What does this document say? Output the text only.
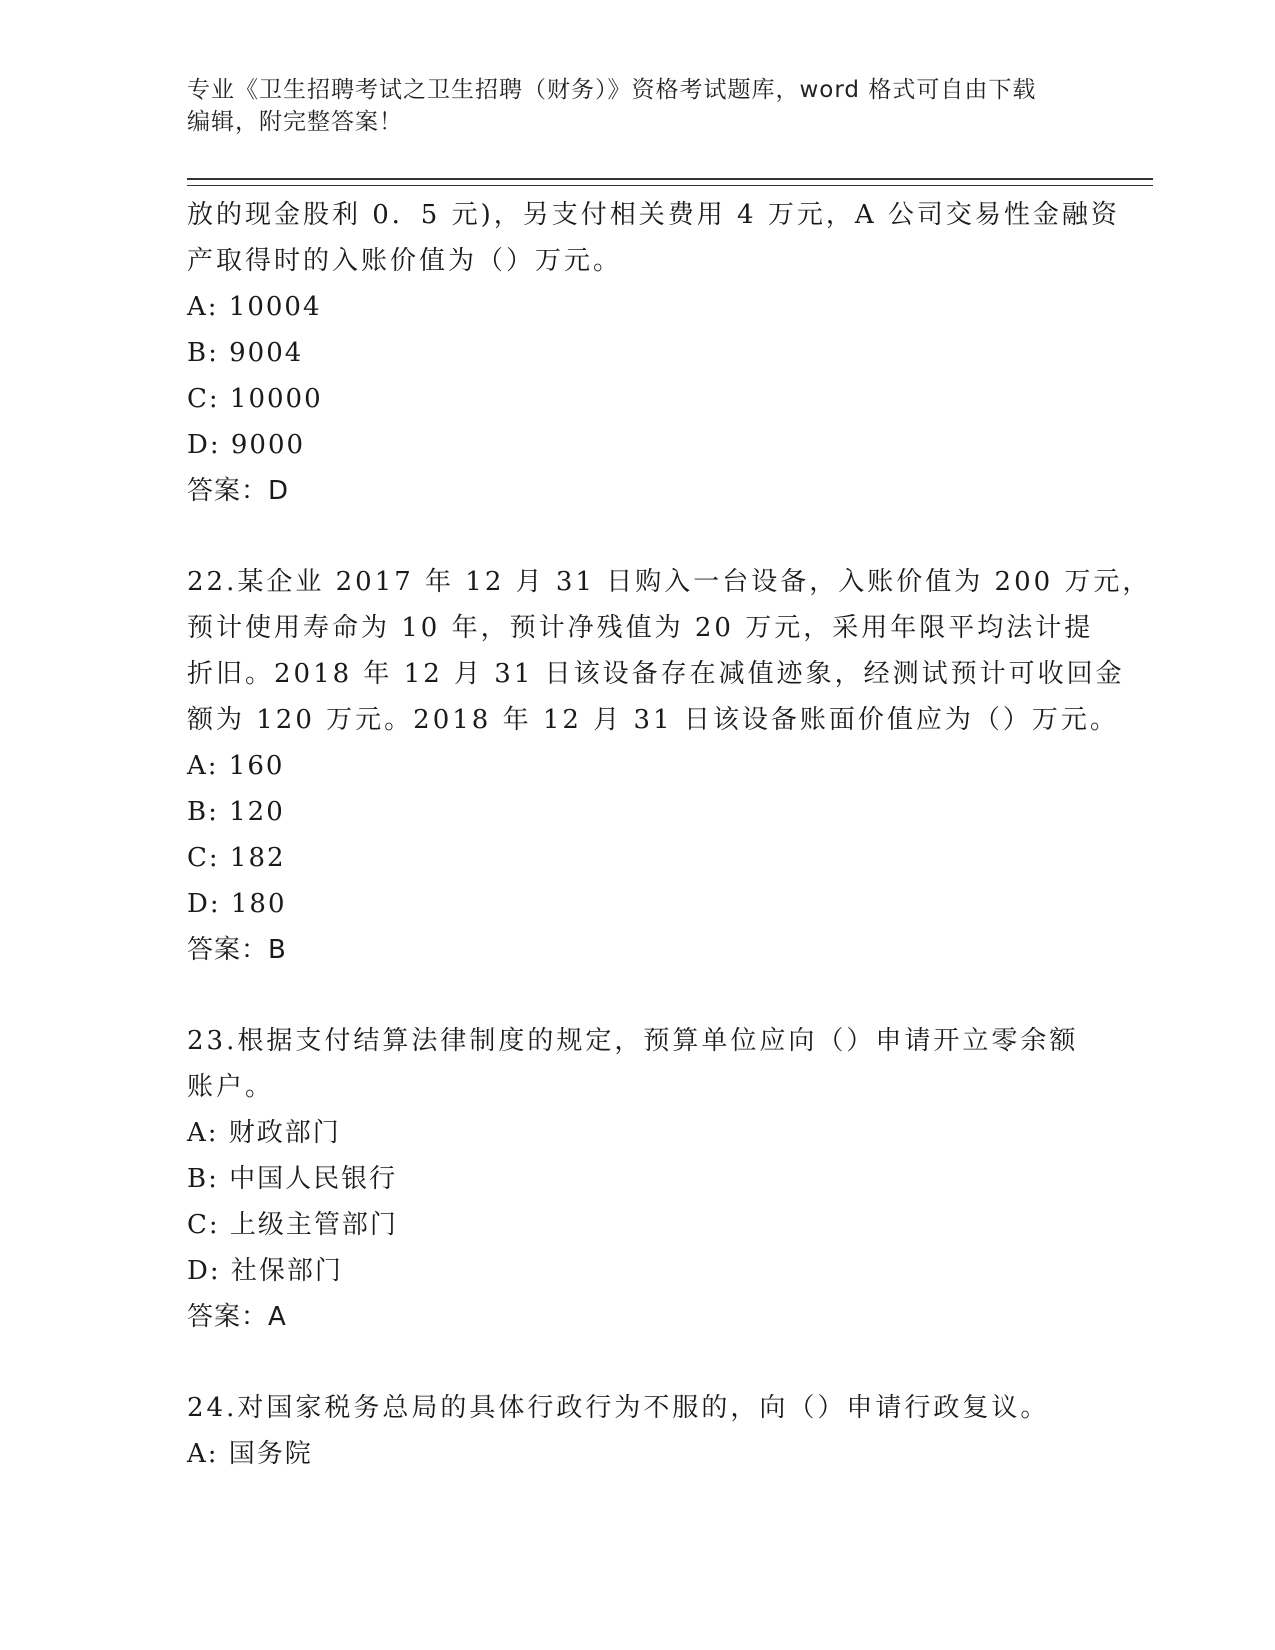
专业《卫生招聘考试之卫生招聘（财务）》资格考试题库，word 格式可自由下载
编辑，附完整答案！
放的现金股利 0．5 元)，另支付相关费用 4 万元，A 公司交易性金融资
产取得时的入账价值为（）万元。
A: 10004
B: 9004
C: 10000
D: 9000
答案：D
22.某企业 2017 年 12 月 31 日购入一台设备，入账价值为 200 万元，
预计使用寿命为 10 年，预计净残值为 20 万元，采用年限平均法计提
折旧。2018 年 12 月 31 日该设备存在减值迹象，经测试预计可收回金
额为 120 万元。2018 年 12 月 31 日该设备账面价值应为（）万元。
A: 160
B: 120
C: 182
D: 180
答案：B
23.根据支付结算法律制度的规定，预算单位应向（）申请开立零余额
账户。
A: 财政部门
B: 中国人民银行
C: 上级主管部门
D: 社保部门
答案：A
24.对国家税务总局的具体行政行为不服的，向（）申请行政复议。
A: 国务院
